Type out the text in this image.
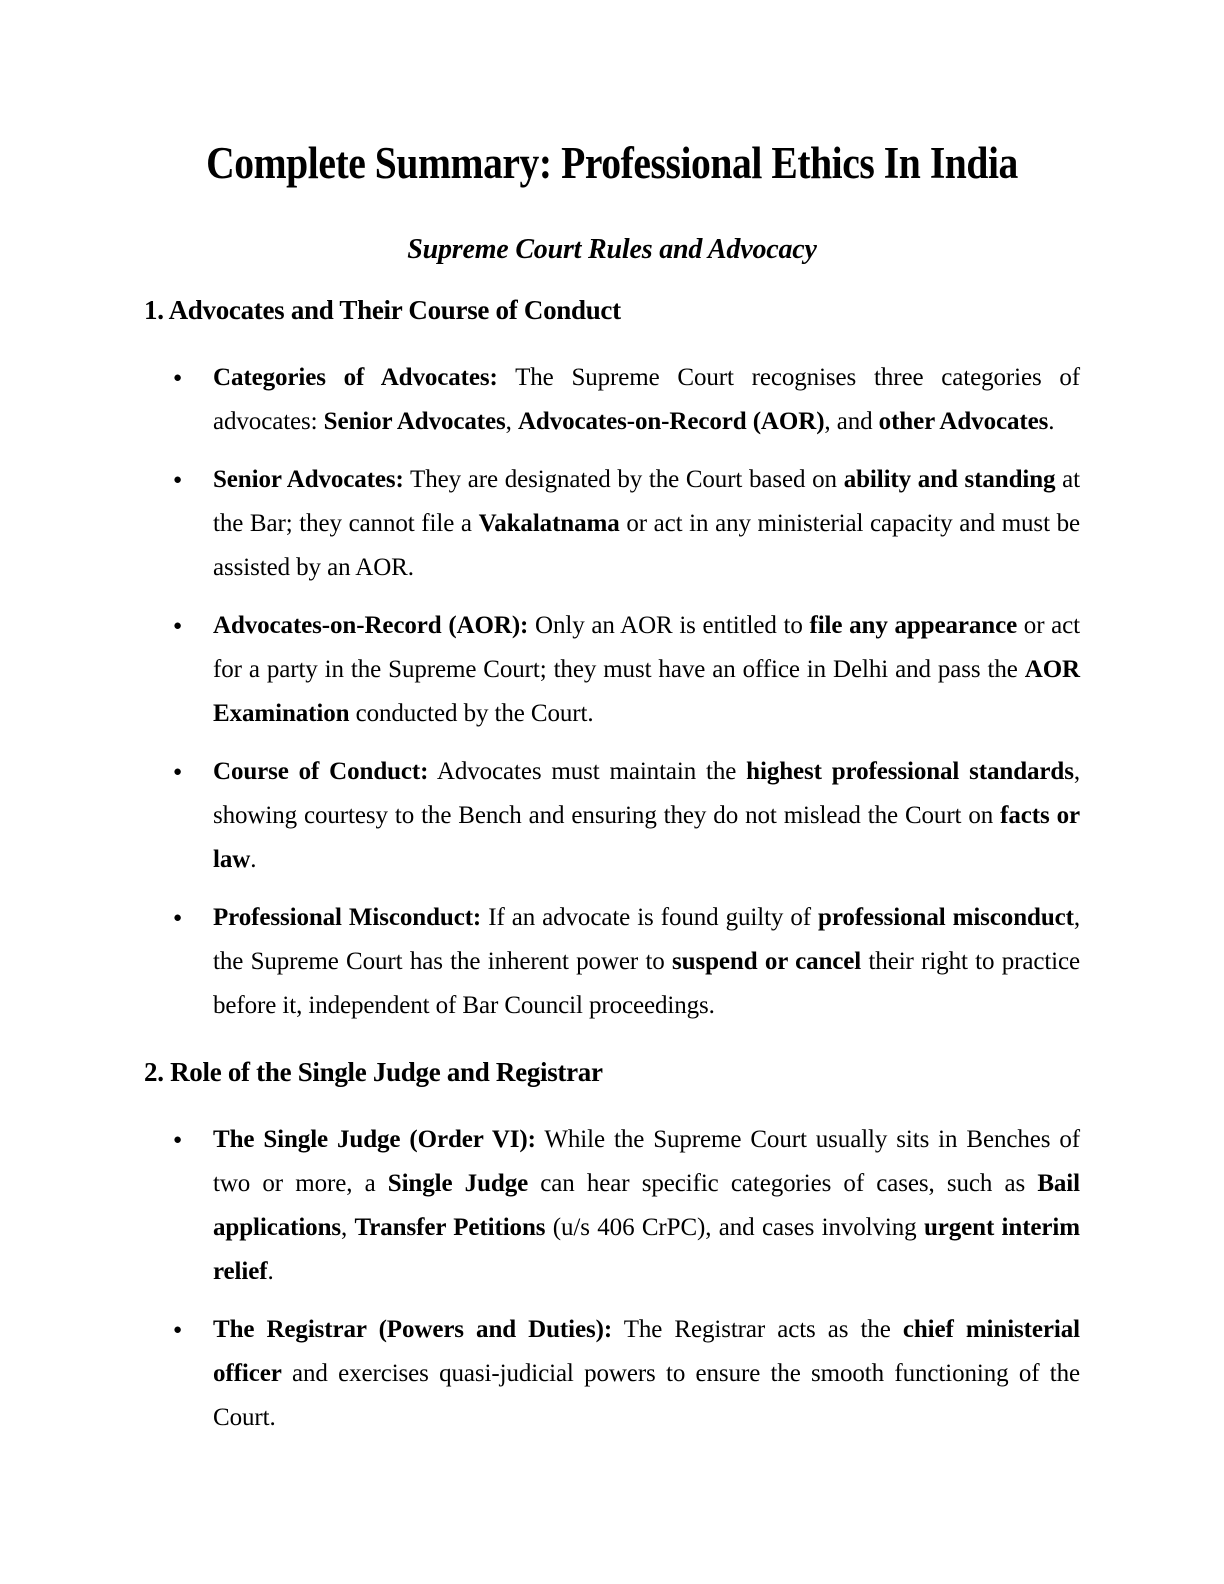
Complete Summary: Professional Ethics In India

Supreme Court Rules and Advocacy

1. Advocates and Their Course of Conduct
● Categories of Advocates: The Supreme Court recognises three categories of advocates: Senior Advocates, Advocates-on-Record (AOR), and other Advocates.

● Senior Advocates: They are designated by the Court based on ability and standing at the Bar; they cannot file a Vakalatnama or act in any ministerial capacity and must be assisted by an AOR.

● Advocates-on-Record (AOR): Only an AOR is entitled to file any appearance or act for a party in the Supreme Court; they must have an office in Delhi and pass the AOR Examination conducted by the Court.

● Course of Conduct: Advocates must maintain the highest professional standards, showing courtesy to the Bench and ensuring they do not mislead the Court on facts or law.

● Professional Misconduct: If an advocate is found guilty of professional misconduct, the Supreme Court has the inherent power to suspend or cancel their right to practice before it, independent of Bar Council proceedings.

2. Role of the Single Judge and Registrar
● The Single Judge (Order VI): While the Supreme Court usually sits in Benches of two or more, a Single Judge can hear specific categories of cases, such as Bail applications, Transfer Petitions (u/s 406 CrPC), and cases involving urgent interim relief.

● The Registrar (Powers and Duties): The Registrar acts as the chief ministerial officer and exercises quasi-judicial powers to ensure the smooth functioning of the Court.
